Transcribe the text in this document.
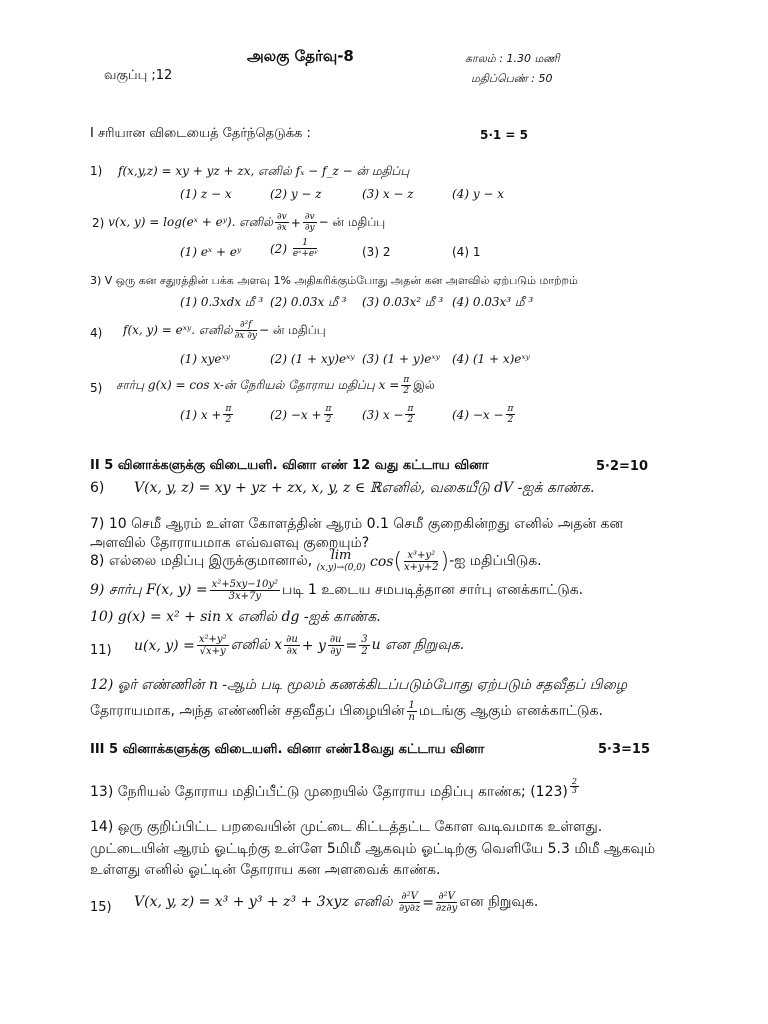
அலகு தேர்வு-8	காலம் : 1.30 மணி
வகுப்பு ;12	மதிப்பெண் : 50
I சரியான விடையைத் தேர்ந்தெடுக்க :	5∙1 = 5
1) f(x,y,z) = xy + yz + zx, எனில் fₓ − f_z − ன் மதிப்பு
(1) z − x	(2) y − z	(3) x − z	(4) y − x
2)
v(x, y) = log(eˣ + eʸ). எனில் $\frac{\partial v}{\partial x} + \frac{\partial v}{\partial y}$ − ன் மதிப்பு
(1) eˣ + eʸ (2)
$\frac{1}{\text{eˣ+eʸ}}$	(3) 2	(4) 1
3) V ஒரு கன சதுரத்தின் பக்க அளவு 1% அதிகரிக்கும்போது அதன் கன அளவில் ஏற்படும் மாற்றம்
(1) 0.3xdx மீ ³ (2) 0.03x மீ ³ (3) 0.03x² மீ ³ (4) 0.03x³ மீ ³
4) f(x, y) = eˣʸ. எனில் $\frac{\text{∂²f}}{\partial x \partial y}$ − ன் மதிப்பு
(1) xyeˣʸ	(2) (1 + xy)eˣʸ (3) (1 + y)eˣʸ (4) (1 + x)eˣʸ
5) சார்பு g(x) = cos x-ன் நேரியல் தோராய மதிப்பு $x = \frac{\pi}{2}$ இல்
(1) $x + \frac{\pi}{2}$	$(2) -x + \frac{\pi}{2} (3) x - \frac{\pi}{2}$	$(4) -x - \frac{\pi}{2}$
II 5 வினாக்களுக்கு விடையளி. வினா எண் 12 வது கட்டாய வினா	5∙2=10
6) V(x, y, z) = xy + yz + zx, x, y, z ∈ ℝஎனில், வகையீடு dV -ஐக் காண்க.
7) 10 செமீ ஆரம் உள்ள கோளத்தின் ஆரம் 0.1 செமீ குறைகின்றது எனில் அதன் கன
அளவில் தோராயமாக எவ்வளவு குறையும்?
8) எல்லை மதிப்பு இருக்குமானால்,
	lim
(x,y)→(0,0)
cos ( $\frac{\text{x³+y²}}{x+y+2}$ ) -ஐ மதிப்பிடுக.
9) சார்பு F(x, $y) = \frac{\text{x²+5xy−10y²}}{3x+7y}$ படி 1 உடைய சமபடித்தான சார்பு எனக்காட்டுக.
10) g(x) = x² + sin x எனில் dg -ஐக் காண்க.
11) u(x, $y) = \frac{\text{x²+y²}}{√x+y}$ எனில் x $\frac{\partial u}{\partial x} + y \frac{\partial u}{\partial y} = \frac{3}{2}$ u என நிறுவுக.
12) ஓர் எண்ணின் n -ஆம் படி மூலம் கணக்கிடப்படும்போது ஏற்படும் சதவீதப் பிழை
தோராயமாக, அந்த எண்ணின் சதவீதப் பிழையின் $\frac{1}{n}$ மடங்கு ஆகும் எனக்காட்டுக.
III 5 வினாக்களுக்கு விடையளி. வினா எண்18வது கட்டாய வினா	5∙3=15
13) நேரியல் தோராய மதிப்பீட்டு முறையில் தோராய மதிப்பு காண்க; $(123) \frac{2}{3}$
14) ஒரு குறிப்பிட்ட பறவையின் முட்டை கிட்டத்தட்ட கோள வடிவமாக உள்ளது.
முட்டையின் ஆரம் ஓட்டிற்கு உள்ளே 5மிமீ ஆகவும் ஓட்டிற்கு வெளியே 5.3 மிமீ ஆகவும்
உள்ளது எனில் ஓட்டின் தோராய கன அளவைக் காண்க.
15) V(x, y, z) = x³ + y³ + z³ + 3xyz எனில்
$\frac{\text{∂²V}}{\partial y\partial z} = \frac{\text{∂²V}}{\partial z\partial y}$ என நிறுவுக.
